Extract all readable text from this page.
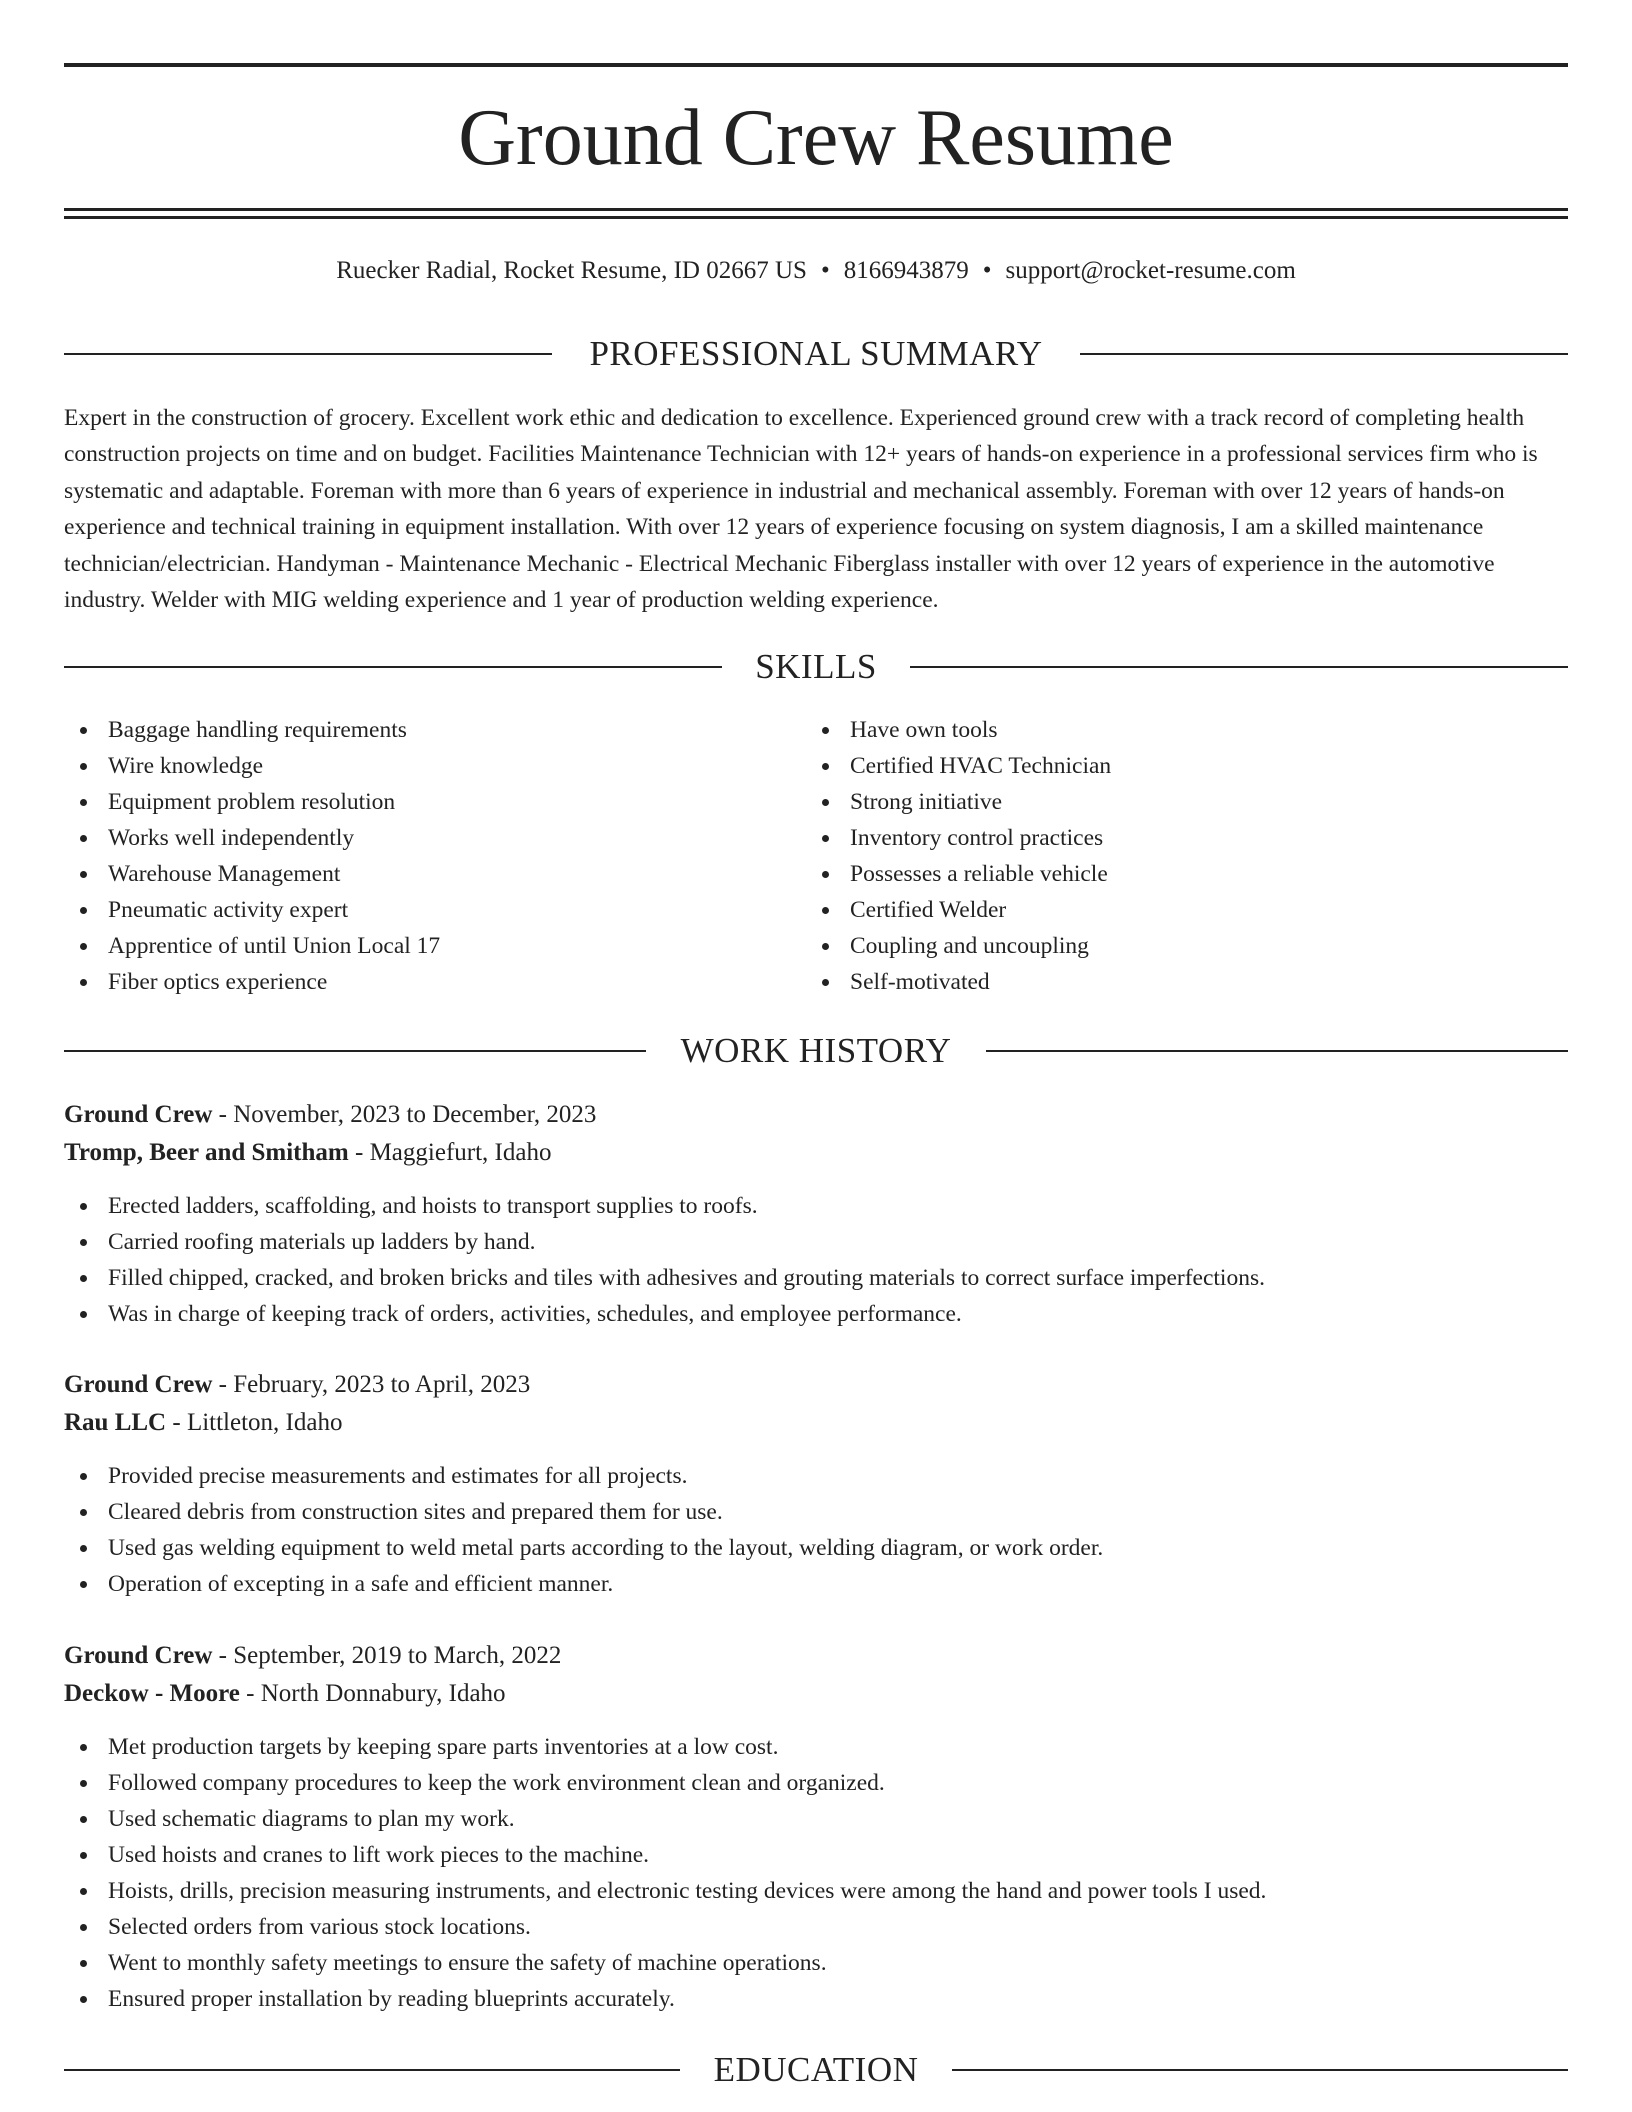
Ground Crew Resume
Ruecker Radial, Rocket Resume, ID 02667 US • 8166943879 • support@rocket-resume.com
PROFESSIONAL SUMMARY

Expert in the construction of grocery. Excellent work ethic and dedication to excellence. Experienced ground crew with a track record of completing health construction projects on time and on budget. Facilities Maintenance Technician with 12+ years of hands-on experience in a professional services firm who is systematic and adaptable. Foreman with more than 6 years of experience in industrial and mechanical assembly. Foreman with over 12 years of hands-on experience and technical training in equipment installation. With over 12 years of experience focusing on system diagnosis, I am a skilled maintenance technician/electrician. Handyman - Maintenance Mechanic - Electrical Mechanic Fiberglass installer with over 12 years of experience in the automotive industry. Welder with MIG welding experience and 1 year of production welding experience.

SKILLS
Baggage handling requirements
Wire knowledge
Equipment problem resolution
Works well independently
Warehouse Management
Pneumatic activity expert
Apprentice of until Union Local 17
Fiber optics experience
Have own tools
Certified HVAC Technician
Strong initiative
Inventory control practices
Possesses a reliable vehicle
Certified Welder
Coupling and uncoupling
Self-motivated
WORK HISTORY
Ground Crew - November, 2023 to December, 2023
Tromp, Beer and Smitham - Maggiefurt, Idaho
Erected ladders, scaffolding, and hoists to transport supplies to roofs.
Carried roofing materials up ladders by hand.
Filled chipped, cracked, and broken bricks and tiles with adhesives and grouting materials to correct surface imperfections.
Was in charge of keeping track of orders, activities, schedules, and employee performance.
Ground Crew - February, 2023 to April, 2023
Rau LLC - Littleton, Idaho
Provided precise measurements and estimates for all projects.
Cleared debris from construction sites and prepared them for use.
Used gas welding equipment to weld metal parts according to the layout, welding diagram, or work order.
Operation of excepting in a safe and efficient manner.
Ground Crew - September, 2019 to March, 2022
Deckow - Moore - North Donnabury, Idaho
Met production targets by keeping spare parts inventories at a low cost.
Followed company procedures to keep the work environment clean and organized.
Used schematic diagrams to plan my work.
Used hoists and cranes to lift work pieces to the machine.
Hoists, drills, precision measuring instruments, and electronic testing devices were among the hand and power tools I used.
Selected orders from various stock locations.
Went to monthly safety meetings to ensure the safety of machine operations.
Ensured proper installation by reading blueprints accurately.
EDUCATION
